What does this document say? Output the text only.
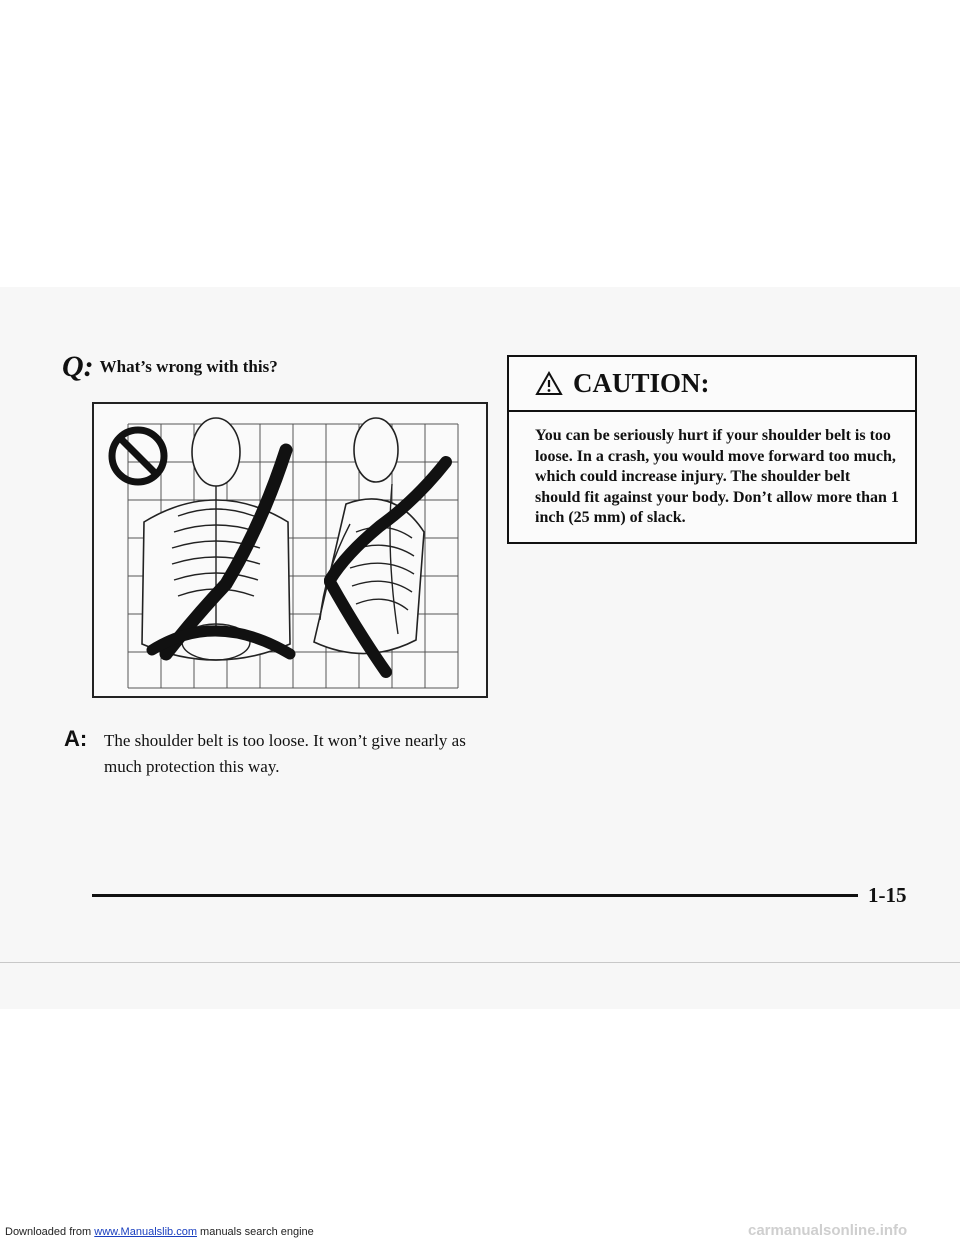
Q: What’s wrong with this?
A: The shoulder belt is too loose. It won’t give nearly as much protection this way.
CAUTION:
You can be seriously hurt if your shoulder belt is too loose. In a crash, you would move forward too much, which could increase injury. The shoulder belt should fit against your body. Don’t allow more than 1 inch (25 mm) of slack.
1-15
Downloaded from www.Manualslib.com manuals search engine	carmanualsonline.info
